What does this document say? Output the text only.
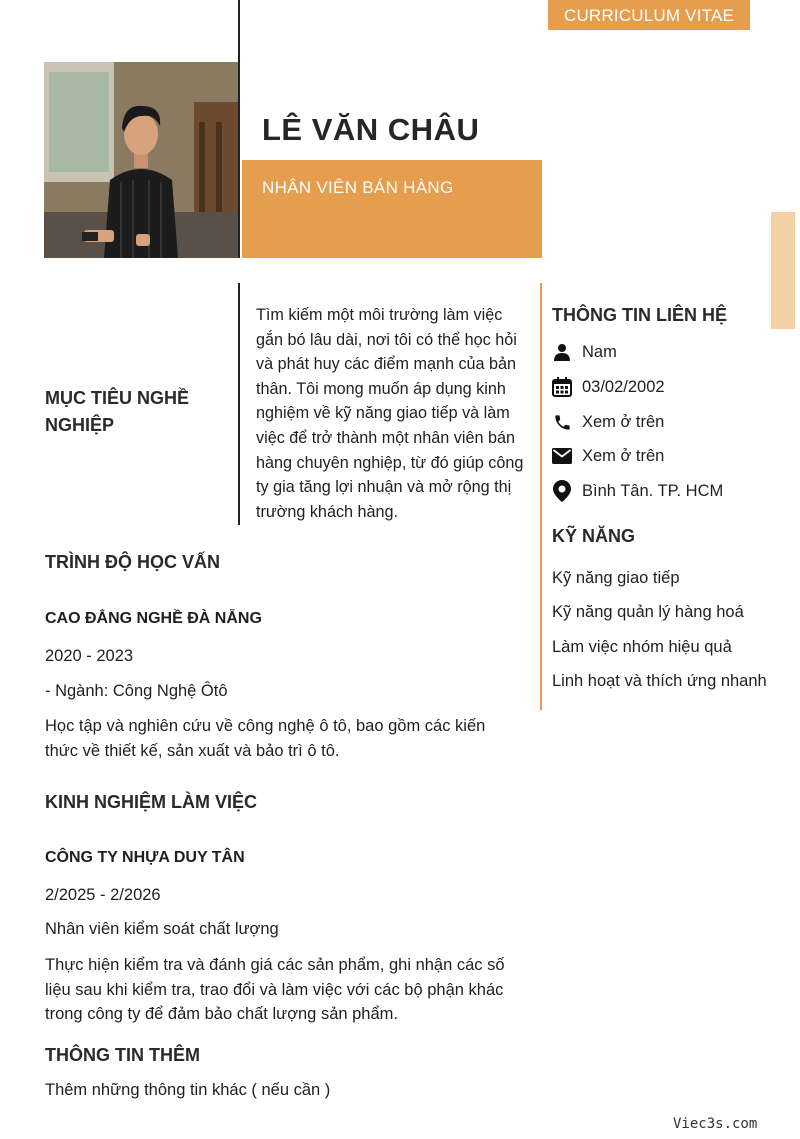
CURRICULUM VITAE
LÊ VĂN CHÂU
NHÂN VIÊN BÁN HÀNG
MỤC TIÊU NGHỀ NGHIỆP
Tìm kiếm một môi trường làm việc gắn bó lâu dài, nơi tôi có thể học hỏi và phát huy các điểm mạnh của bản thân. Tôi mong muốn áp dụng kinh nghiệm về kỹ năng giao tiếp và làm việc để trở thành một nhân viên bán hàng chuyên nghiệp, từ đó giúp công ty gia tăng lợi nhuận và mở rộng thị trường khách hàng.
THÔNG TIN LIÊN HỆ
Nam
03/02/2002
Xem ở trên
Xem ở trên
Bình Tân. TP. HCM
KỸ NĂNG
Kỹ năng giao tiếp
Kỹ năng quản lý hàng hoá
Làm việc nhóm hiệu quả
Linh hoạt và thích ứng nhanh
TRÌNH ĐỘ HỌC VẤN
CAO ĐẲNG NGHỀ ĐÀ NẴNG
2020 - 2023
- Ngành: Công Nghệ Ôtô
Học tập và nghiên cứu về công nghệ ô tô, bao gồm các kiến thức về thiết kế, sản xuất và bảo trì ô tô.
KINH NGHIỆM LÀM VIỆC
CÔNG TY NHỰA DUY TÂN
2/2025 - 2/2026
Nhân viên kiểm soát chất lượng
Thực hiện kiểm tra và đánh giá các sản phẩm, ghi nhận các số liệu sau khi kiểm tra, trao đổi và làm việc với các bộ phận khác trong công ty để đảm bảo chất lượng sản phẩm.
THÔNG TIN THÊM
Thêm những thông tin khác ( nếu cần )
Viec3s.com
